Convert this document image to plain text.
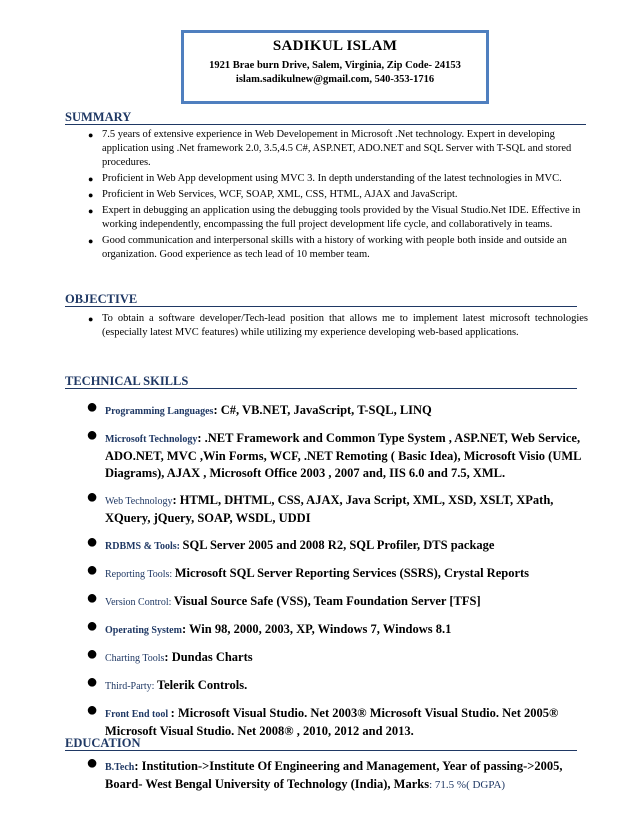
SADIKUL ISLAM
1921 Brae burn Drive, Salem, Virginia, Zip Code- 24153
islam.sadikulnew@gmail.com, 540-353-1716
SUMMARY
● 7.5 years of extensive experience in Web Developement in Microsoft .Net technology. Expert in developing application using .Net framework 2.0, 3.5,4.5 C#, ASP.NET, ADO.NET and SQL Server with T-SQL and stored procedures.
● Proficient in Web App development using MVC 3. In depth understanding of the latest technologies in MVC.
● Proficient in Web Services, WCF, SOAP, XML, CSS, HTML, AJAX and JavaScript.
● Expert in debugging an application using the debugging tools provided by the Visual Studio.Net IDE. Effective in working independently, encompassing the full project development life cycle, and collaboratively in teams.
● Good communication and interpersonal skills with a history of working with people both inside and outside an organization. Good experience as tech lead of 10 member team.
OBJECTIVE
● To obtain a software developer/Tech-lead position that allows me to implement latest microsoft technologies (especially latest MVC features) while utilizing my experience developing web-based applications.
TECHNICAL SKILLS
● Programming Languages: C#, VB.NET, JavaScript, T-SQL, LINQ
● Microsoft Technology: .NET Framework and Common Type System , ASP.NET, Web Service, ADO.NET, MVC ,Win Forms, WCF, .NET Remoting ( Basic Idea), Microsoft Visio (UML Diagrams), AJAX , Microsoft Office 2003 , 2007 and, IIS 6.0 and 7.5, XML.
● Web Technology: HTML, DHTML, CSS, AJAX, Java Script, XML, XSD, XSLT, XPath, XQuery, jQuery, SOAP, WSDL, UDDI
● RDBMS & Tools: SQL Server 2005 and 2008 R2, SQL Profiler, DTS package
● Reporting Tools: Microsoft SQL Server Reporting Services (SSRS), Crystal Reports
● Version Control: Visual Source Safe (VSS), Team Foundation Server [TFS]
● Operating System: Win 98, 2000, 2003, XP, Windows 7, Windows 8.1
● Charting Tools: Dundas Charts
● Third-Party: Telerik Controls.
● Front End tool : Microsoft Visual Studio. Net 2003® Microsoft Visual Studio. Net 2005® Microsoft Visual Studio. Net 2008® , 2010, 2012 and 2013.
EDUCATION
● B.Tech: Institution->Institute Of Engineering and Management, Year of passing->2005, Board- West Bengal University of Technology (India), Marks: 71.5 %( DGPA)
